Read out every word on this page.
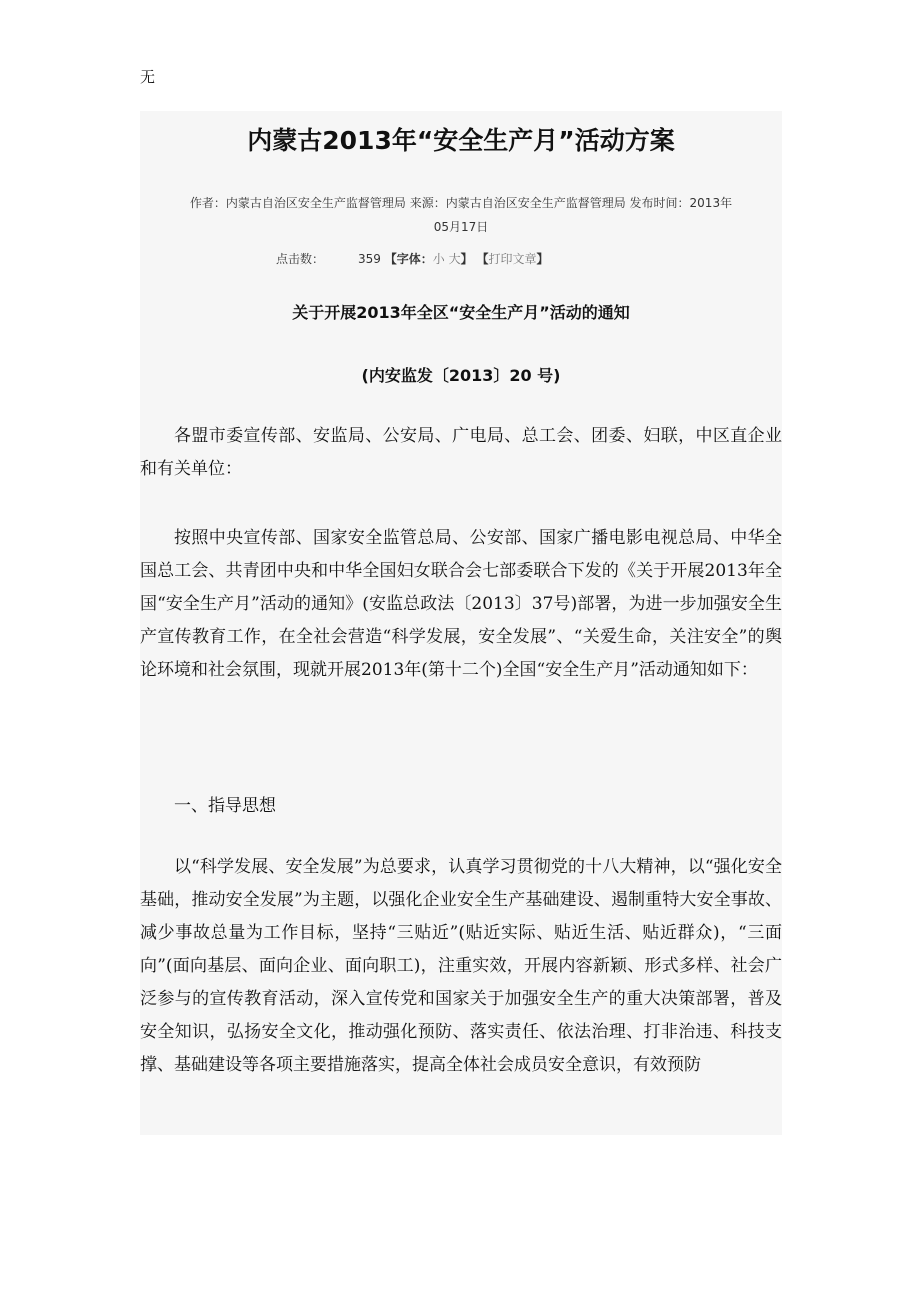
无
内蒙古2013年“安全生产月”活动方案
作者：内蒙古自治区安全生产监督管理局 来源：内蒙古自治区安全生产监督管理局 发布时间：2013年
05月17日
点击数：	359 【字体：小 大】 【打印文章】
关于开展2013年全区“安全生产月”活动的通知
(内安监发〔2013〕20 号)

各盟市委宣传部、安监局、公安局、广电局、总工会、团委、妇联，中区直企业和有关单位：

按照中央宣传部、国家安全监管总局、公安部、国家广播电影电视总局、中华全国总工会、共青团中央和中华全国妇女联合会七部委联合下发的《关于开展2013年全国“安全生产月”活动的通知》(安监总政法〔2013〕37号)部署，为进一步加强安全生产宣传教育工作，在全社会营造“科学发展，安全发展”、“关爱生命，关注安全”的舆论环境和社会氛围，现就开展2013年(第十二个)全国“安全生产月”活动通知如下：

一、指导思想

以“科学发展、安全发展”为总要求，认真学习贯彻党的十八大精神，以“强化安全基础，推动安全发展”为主题，以强化企业安全生产基础建设、遏制重特大安全事故、减少事故总量为工作目标，坚持“三贴近”(贴近实际、贴近生活、贴近群众)，“三面向”(面向基层、面向企业、面向职工)，注重实效，开展内容新颖、形式多样、社会广泛参与的宣传教育活动，深入宣传党和国家关于加强安全生产的重大决策部署，普及安全知识，弘扬安全文化，推动强化预防、落实责任、依法治理、打非治违、科技支撑、基础建设等各项主要措施落实，提高全体社会成员安全意识，有效预防
